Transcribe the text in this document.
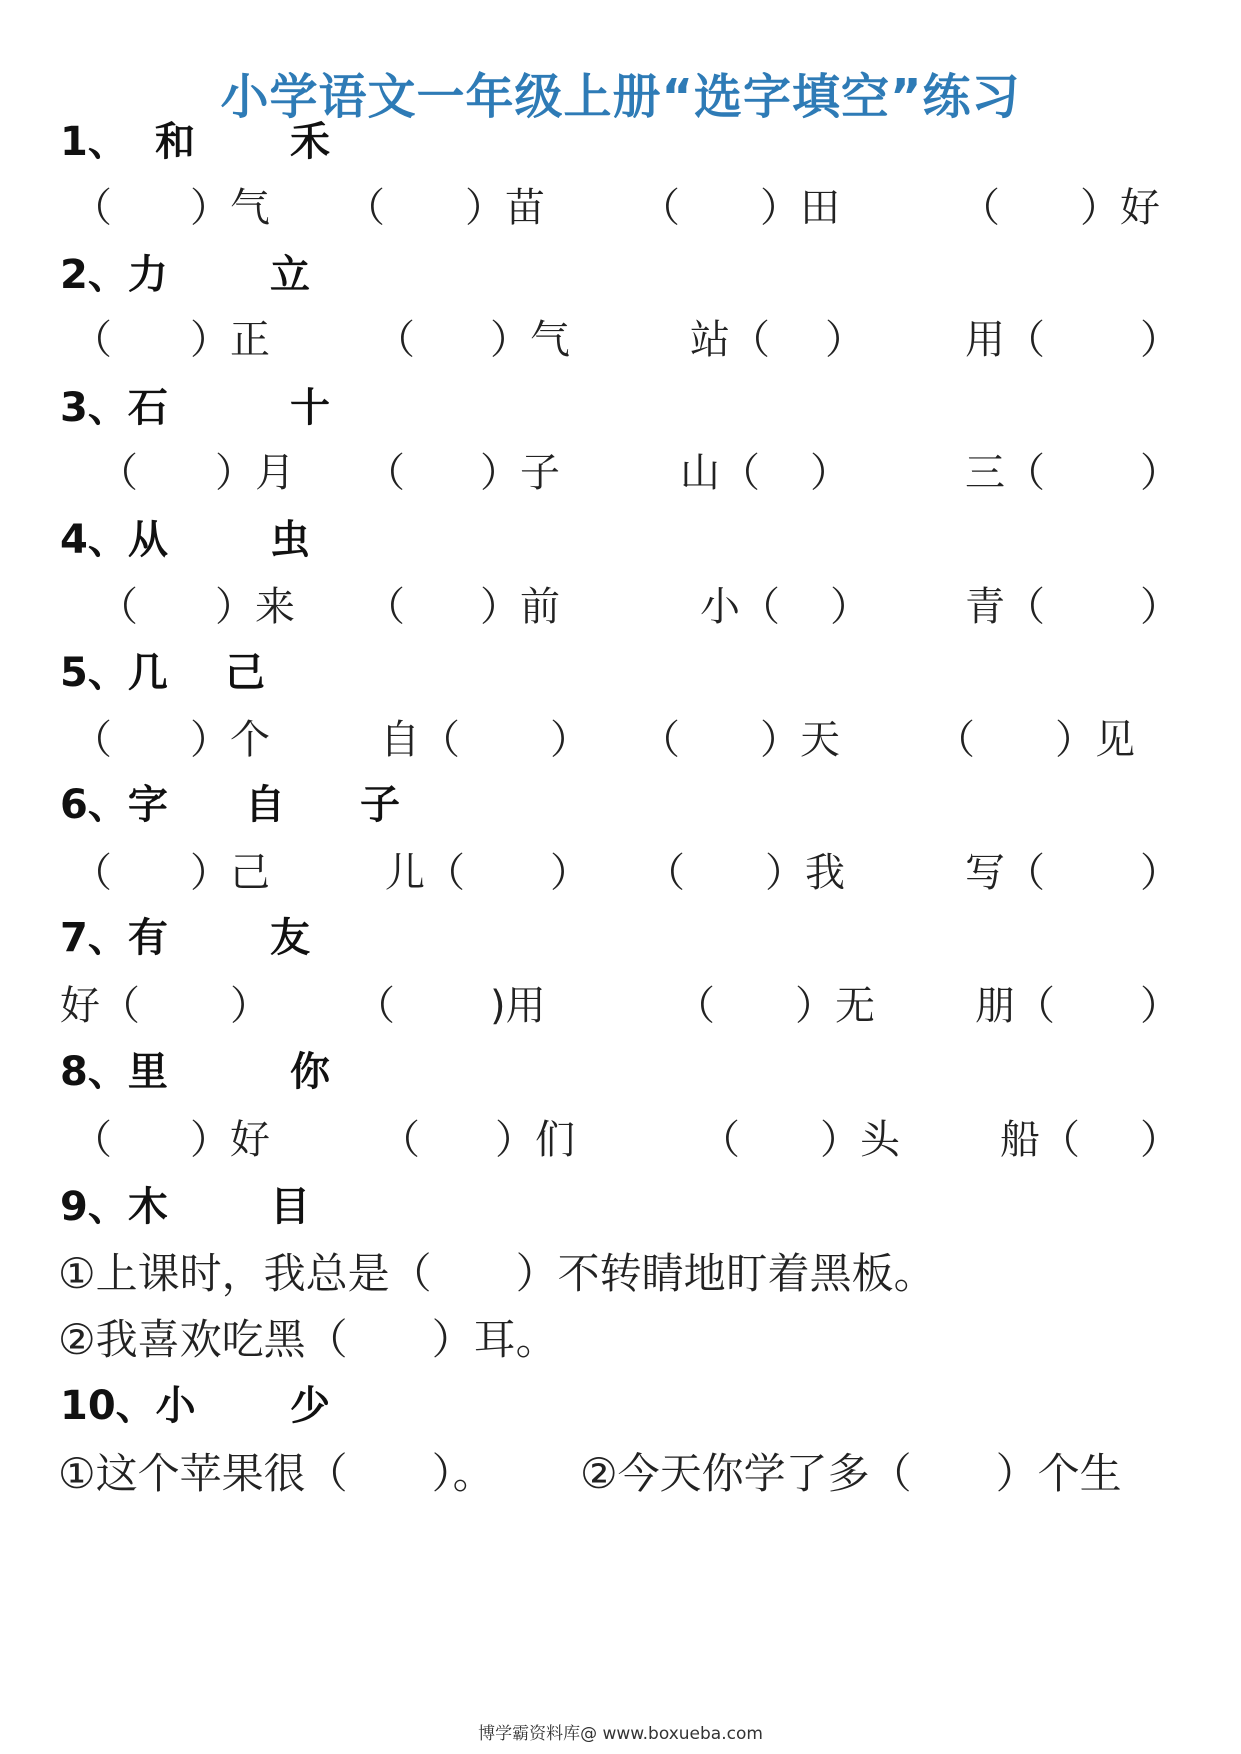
小学语文一年级上册“选字填空”练习
1、 和 禾
（ ）气 （ ）苗 （ ）田	（ ）好
2、力	立
（ ）正	（ ）气	站（ ）	用（ ）
3、石	十
（ ）月 （ ）子	山（ ）	三（ ）
4、从	虫
（ ）来 （ ）前	小（ ） 青（ ）
5、几 己
（ ）个	自（ ） （ ）天 （ ）见
6、字 自 子
（ ）己	儿（ ） （ ）我	写（ ）
7、有	友
好（ ） （ )用	（ ）无	朋（ ）
8、里	你
（ ）好	（ ）们	（ ）头	船（ ）
9、木	目
①上课时，我总是（　　）不转睛地盯着黑板。
②我喜欢吃黑（　　）耳。
10、小 少
①这个苹果很（　　）。 ②今天你学了多（　　）个生
博学霸资料库@ www.boxueba.com
